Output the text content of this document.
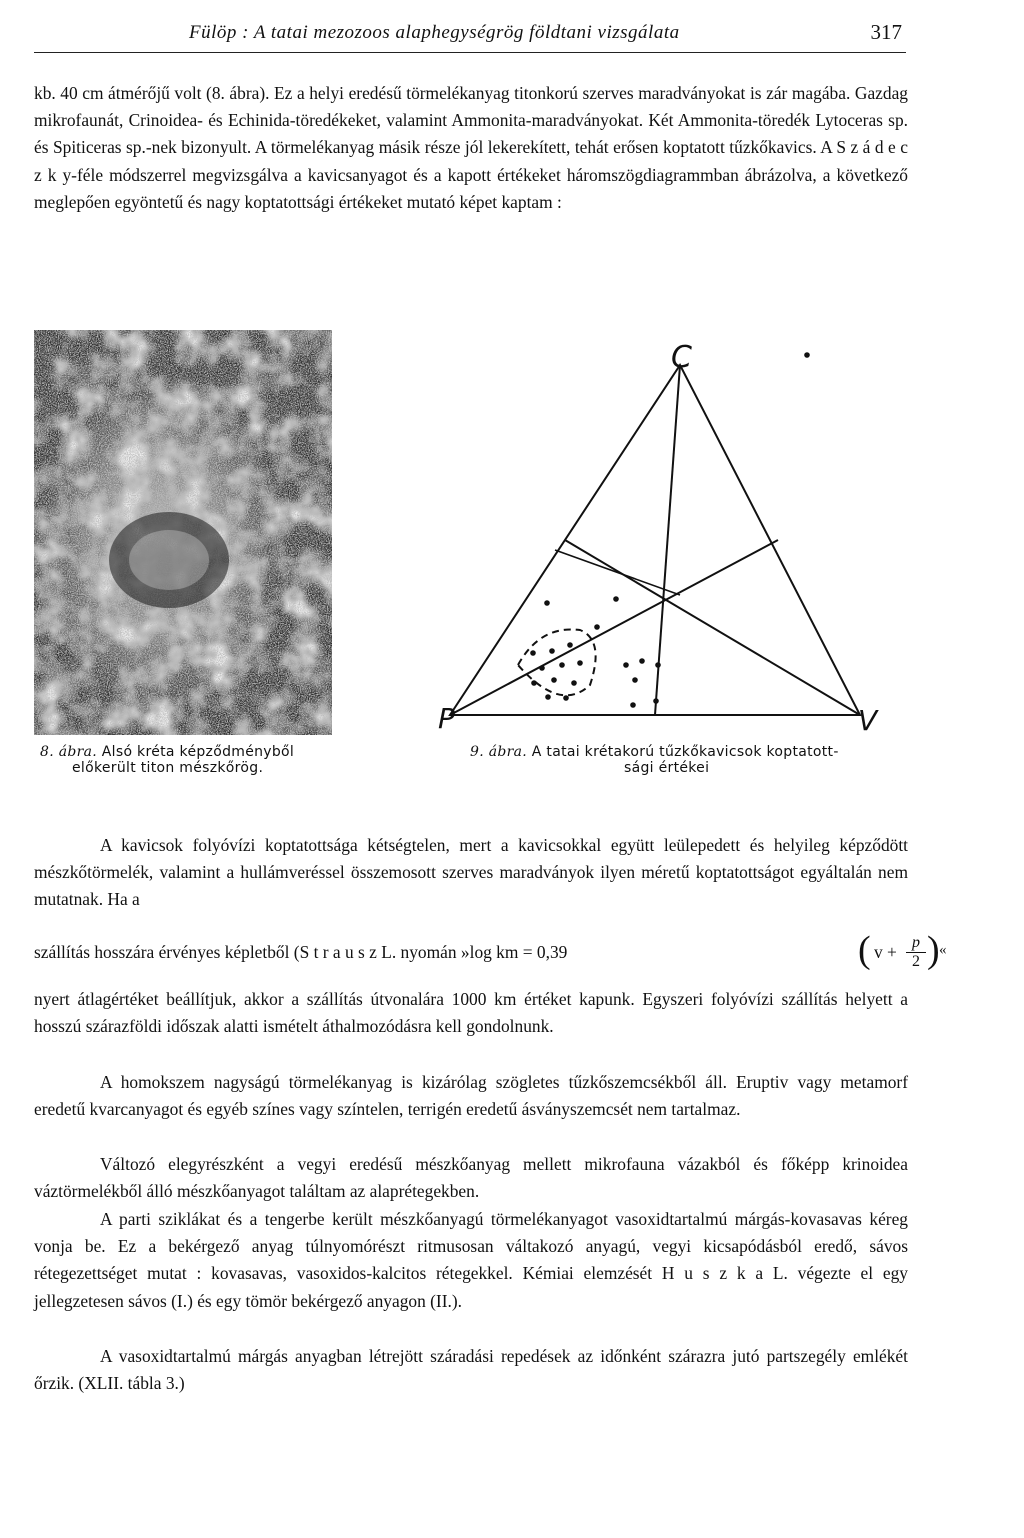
Fülöp : A tatai mezozoos alaphegységrög földtani vizsgálata	317

kb. 40 cm átmérőjű volt (8. ábra). Ez a helyi eredésű törmelékanyag titonkorú szerves maradványokat is zár magába. Gazdag mikrofaunát, Crinoidea- és Echinida-töredékeket, valamint Ammonita-maradványokat. Két Ammonita-töredék Lytoceras sp. és Spiticeras sp.-nek bizonyult. A törmelékanyag másik része jól lekerekített, tehát erősen koptatott tűzkőkavics. A S z á d e c z k y-féle módszerrel megvizsgálva a kavicsanyagot és a kapott értékeket háromszögdiagrammban ábrázolva, a következő meglepően egyöntetű és nagy koptatottsági értékeket mutató képet kaptam :

8. ábra. Alsó kréta képződményből
előkerült titon mészkőrög.
C
P	V
9. ábra. A tatai krétakorú tűzkőkavicsok koptatott-
sági értékei

A kavicsok folyóvízi koptatottsága kétségtelen, mert a kavicsokkal együtt leülepedett és helyileg képződött mészkőtörmelék, valamint a hullámveréssel összemosott szerves maradványok ilyen méretű koptatottságot egyáltalán nem mutatnak. Ha a

szállítás hosszára érvényes képletből (S t r a u s z L. nyomán »log km = 0,39	( $v + \frac{p}{2}$ ) «

nyert átlagértéket beállítjuk, akkor a szállítás útvonalára 1000 km értéket kapunk. Egyszeri folyóvízi szállítás helyett a hosszú szárazföldi időszak alatti ismételt áthalmozódásra kell gondolnunk.

A homokszem nagyságú törmelékanyag is kizárólag szögletes tűzkőszemcsékből áll. Eruptiv vagy metamorf eredetű kvarcanyagot és egyéb színes vagy színtelen, terrigén eredetű ásványszemcsét nem tartalmaz.

Változó elegyrészként a vegyi eredésű mészkőanyag mellett mikrofauna vázakból és főképp krinoidea váztörmelékből álló mészkőanyagot találtam az alaprétegekben.

A parti sziklákat és a tengerbe került mészkőanyagú törmelékanyagot vasoxidtartalmú márgás-kovasavas kéreg vonja be. Ez a bekérgező anyag túlnyomórészt ritmusosan váltakozó anyagú, vegyi kicsapódásból eredő, sávos rétegezettséget mutat : kovasavas, vasoxidos-kalcitos rétegekkel. Kémiai elemzését H u s z k a L. végezte el egy jellegzetesen sávos (I.) és egy tömör bekérgező anyagon (II.).

A vasoxidtartalmú márgás anyagban létrejött száradási repedések az időnként szárazra jutó partszegély emlékét őrzik. (XLII. tábla 3.)
